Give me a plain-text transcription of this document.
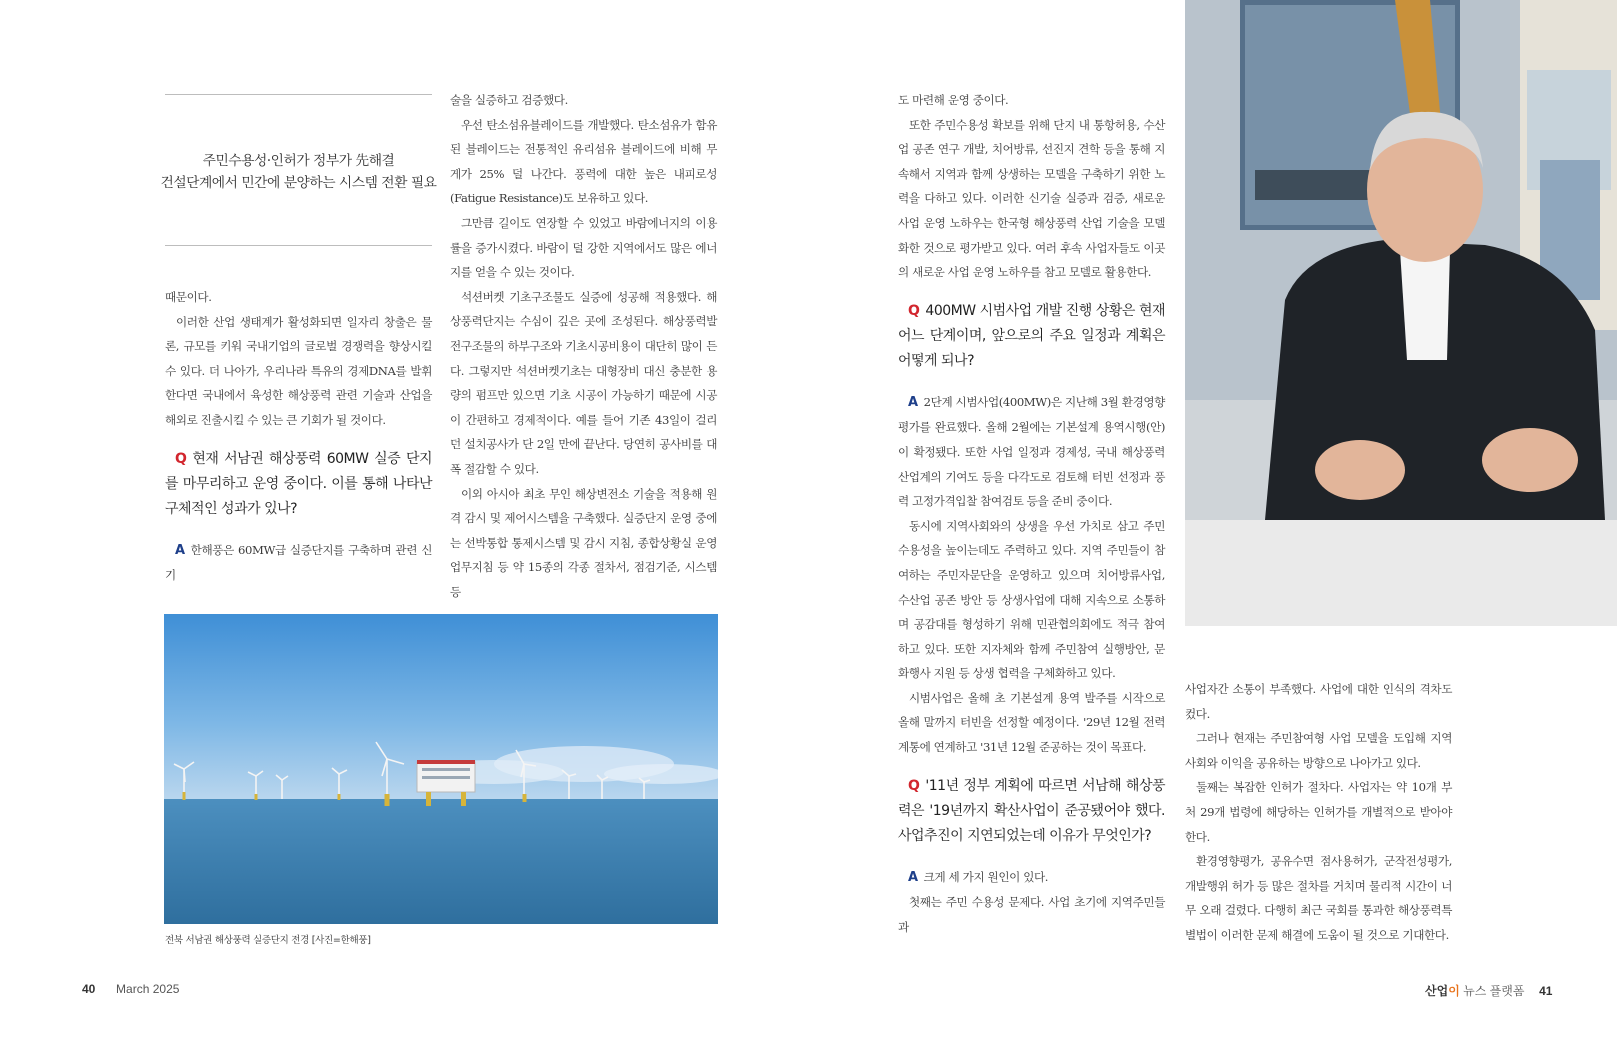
주민수용성·인허가 정부가 先해결
건설단계에서 민간에 분양하는 시스템 전환 필요

때문이다.

이러한 산업 생태계가 활성화되면 일자리 창출은 물론, 규모를 키워 국내기업의 글로벌 경쟁력을 향상시킬 수 있다. 더 나아가, 우리나라 특유의 경제DNA를 발휘한다면 국내에서 육성한 해상풍력 관련 기술과 산업을 해외로 진출시킬 수 있는 큰 기회가 될 것이다.

Q 현재 서남권 해상풍력 60MW 실증 단지를 마무리하고 운영 중이다. 이를 통해 나타난 구체적인 성과가 있나?

A 한해풍은 60MW급 실증단지를 구축하며 관련 신기

술을 실증하고 검증했다.

우선 탄소섬유블레이드를 개발했다. 탄소섬유가 함유된 블레이드는 전통적인 유리섬유 블레이드에 비해 무게가 25% 덜 나간다. 풍력에 대한 높은 내피로성(Fatigue Resistance)도 보유하고 있다.

그만큼 길이도 연장할 수 있었고 바람에너지의 이용률을 증가시켰다. 바람이 덜 강한 지역에서도 많은 에너지를 얻을 수 있는 것이다.

석션버켓 기초구조물도 실증에 성공해 적용했다. 해상풍력단지는 수심이 깊은 곳에 조성된다. 해상풍력발전구조물의 하부구조와 기초시공비용이 대단히 많이 든다. 그렇지만 석션버켓기초는 대형장비 대신 충분한 용량의 펌프만 있으면 기초 시공이 가능하기 때문에 시공이 간편하고 경제적이다. 예를 들어 기존 43일이 걸리던 설치공사가 단 2일 만에 끝난다. 당연히 공사비를 대폭 절감할 수 있다.

이외 아시아 최초 무인 해상변전소 기술을 적용해 원격 감시 및 제어시스템을 구축했다. 실증단지 운영 중에는 선박통합 통제시스템 및 감시 지침, 종합상황실 운영업무지침 등 약 15종의 각종 절차서, 점검기준, 시스템 등

전북 서남권 해상풍력 실증단지 전경 [사진=한해풍]
40 March 2025

도 마련해 운영 중이다.

또한 주민수용성 확보를 위해 단지 내 통항허용, 수산업 공존 연구 개발, 치어방류, 선진지 견학 등을 통해 지속해서 지역과 함께 상생하는 모델을 구축하기 위한 노력을 다하고 있다. 이러한 신기술 실증과 검증, 새로운 사업 운영 노하우는 한국형 해상풍력 산업 기술을 모델화한 것으로 평가받고 있다. 여러 후속 사업자들도 이곳의 새로운 사업 운영 노하우를 참고 모델로 활용한다.

Q 400MW 시범사업 개발 진행 상황은 현재 어느 단계이며, 앞으로의 주요 일정과 계획은 어떻게 되나?

A 2단계 시범사업(400MW)은 지난해 3월 환경영향평가를 완료했다. 올해 2월에는 기본설계 용역시행(안)이 확정됐다. 또한 사업 일정과 경제성, 국내 해상풍력 산업계의 기여도 등을 다각도로 검토해 터빈 선정과 풍력 고정가격입찰 참여검토 등을 준비 중이다.

동시에 지역사회와의 상생을 우선 가치로 삼고 주민수용성을 높이는데도 주력하고 있다. 지역 주민들이 참여하는 주민자문단을 운영하고 있으며 치어방류사업, 수산업 공존 방안 등 상생사업에 대해 지속으로 소통하며 공감대를 형성하기 위해 민관협의회에도 적극 참여하고 있다. 또한 지자체와 함께 주민참여 실행방안, 문화행사 지원 등 상생 협력을 구체화하고 있다.

시범사업은 올해 초 기본설계 용역 발주를 시작으로 올해 말까지 터빈을 선정할 예정이다. '29년 12월 전력계통에 연계하고 '31년 12월 준공하는 것이 목표다.

Q '11년 정부 계획에 따르면 서남해 해상풍력은 '19년까지 확산사업이 준공됐어야 했다. 사업추진이 지연되었는데 이유가 무엇인가?

A 크게 세 가지 원인이 있다.

첫째는 주민 수용성 문제다. 사업 초기에 지역주민들과

사업자간 소통이 부족했다. 사업에 대한 인식의 격차도 컸다.

그러나 현재는 주민참여형 사업 모델을 도입해 지역사회와 이익을 공유하는 방향으로 나아가고 있다.

둘째는 복잡한 인허가 절차다. 사업자는 약 10개 부처 29개 법령에 해당하는 인허가를 개별적으로 받아야 한다.

환경영향평가, 공유수면 점사용허가, 군작전성평가, 개발행위 허가 등 많은 절차를 거치며 물리적 시간이 너무 오래 걸렸다. 다행히 최근 국회를 통과한 해상풍력특별법이 이러한 문제 해결에 도움이 될 것으로 기대한다.

산업이 뉴스 플랫폼 41
